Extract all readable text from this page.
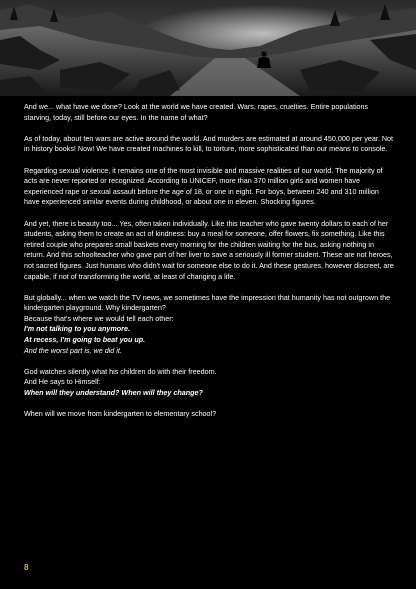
And we... what have we done? Look at the world we have created. Wars, rapes, cruelties. Entire populations starving, today, still before our eyes. In the name of what?

As of today, about ten wars are active around the world. And murders are estimated at around 450,000 per year. Not in history books! Now! We have created machines to kill, to torture, more sophisticated than our means to console.

Regarding sexual violence, it remains one of the most invisible and massive realities of our world. The majority of acts are never reported or recognized. According to UNICEF, more than 370 million girls and women have experienced rape or sexual assault before the age of 18, or one in eight. For boys, between 240 and 310 million have experienced similar events during childhood, or about one in eleven. Shocking figures.

And yet, there is beauty too... Yes, often taken individually. Like this teacher who gave twenty dollars to each of her students, asking them to create an act of kindness: buy a meal for someone, offer flowers, fix something. Like this retired couple who prepares small baskets every morning for the children waiting for the bus, asking nothing in return. And this schoolteacher who gave part of her liver to save a seriously ill former student. These are not heroes, not sacred figures. Just humans who didn't wait for someone else to do it. And these gestures, however discreet, are capable, if not of transforming the world, at least of changing a life.

But globally... when we watch the TV news, we sometimes have the impression that humanity has not outgrown the kindergarten playground. Why kindergarten?
Because that's where we would tell each other:
I'm not talking to you anymore.
At recess, I'm going to beat you up.
And the worst part is, we did it.

God watches silently what his children do with their freedom.
And He says to Himself:
When will they understand? When will they change?

When will we move from kindergarten to elementary school?

8
